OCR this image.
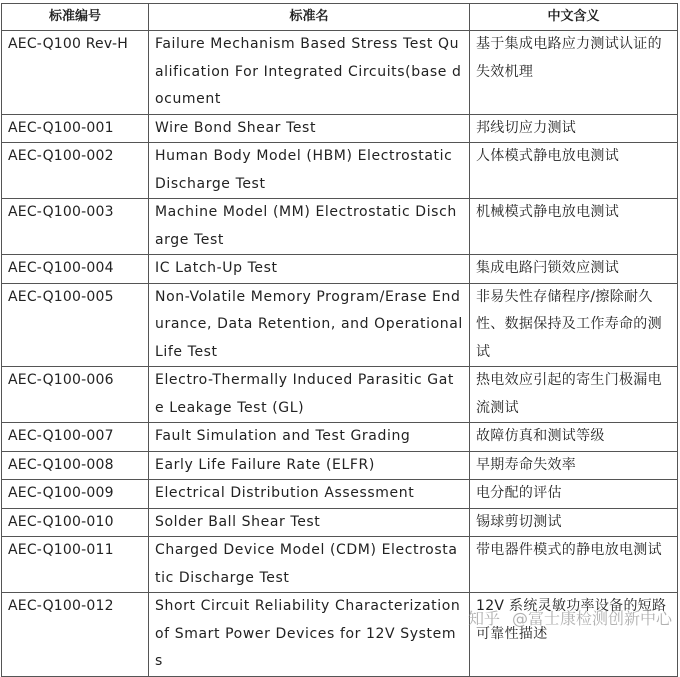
标准编号	标准名	中文含义
AEC-Q100 Rev-H	Failure Mechanism Based Stress Test Qualification For Integrated Circuits(base document	基于集成电路应力测试认证的失效机理
AEC-Q100-001	Wire Bond Shear Test	邦线切应力测试
AEC-Q100-002	Human Body Model (HBM) Electrostatic Discharge Test	人体模式静电放电测试
AEC-Q100-003	Machine Model (MM) Electrostatic Discharge Test	机械模式静电放电测试
AEC-Q100-004	IC Latch-Up Test	集成电路闩锁效应测试
AEC-Q100-005	Non-Volatile Memory Program/Erase Endurance, Data Retention, and Operational Life Test	非易失性存储程序/擦除耐久性、数据保持及工作寿命的测试
AEC-Q100-006	Electro-Thermally Induced Parasitic Gate Leakage Test (GL)	热电效应引起的寄生门极漏电流测试
AEC-Q100-007	Fault Simulation and Test Grading	故障仿真和测试等级
AEC-Q100-008	Early Life Failure Rate (ELFR)	早期寿命失效率
AEC-Q100-009	Electrical Distribution Assessment	电分配的评估
AEC-Q100-010	Solder Ball Shear Test	锡球剪切测试
AEC-Q100-011	Charged Device Model (CDM) Electrostatic Discharge Test	带电器件模式的静电放电测试
AEC-Q100-012	Short Circuit Reliability Characterization of Smart Power Devices for 12V Systems	12V 系统灵敏功率设备的短路可靠性描述
知乎 @富士康检测创新中心
